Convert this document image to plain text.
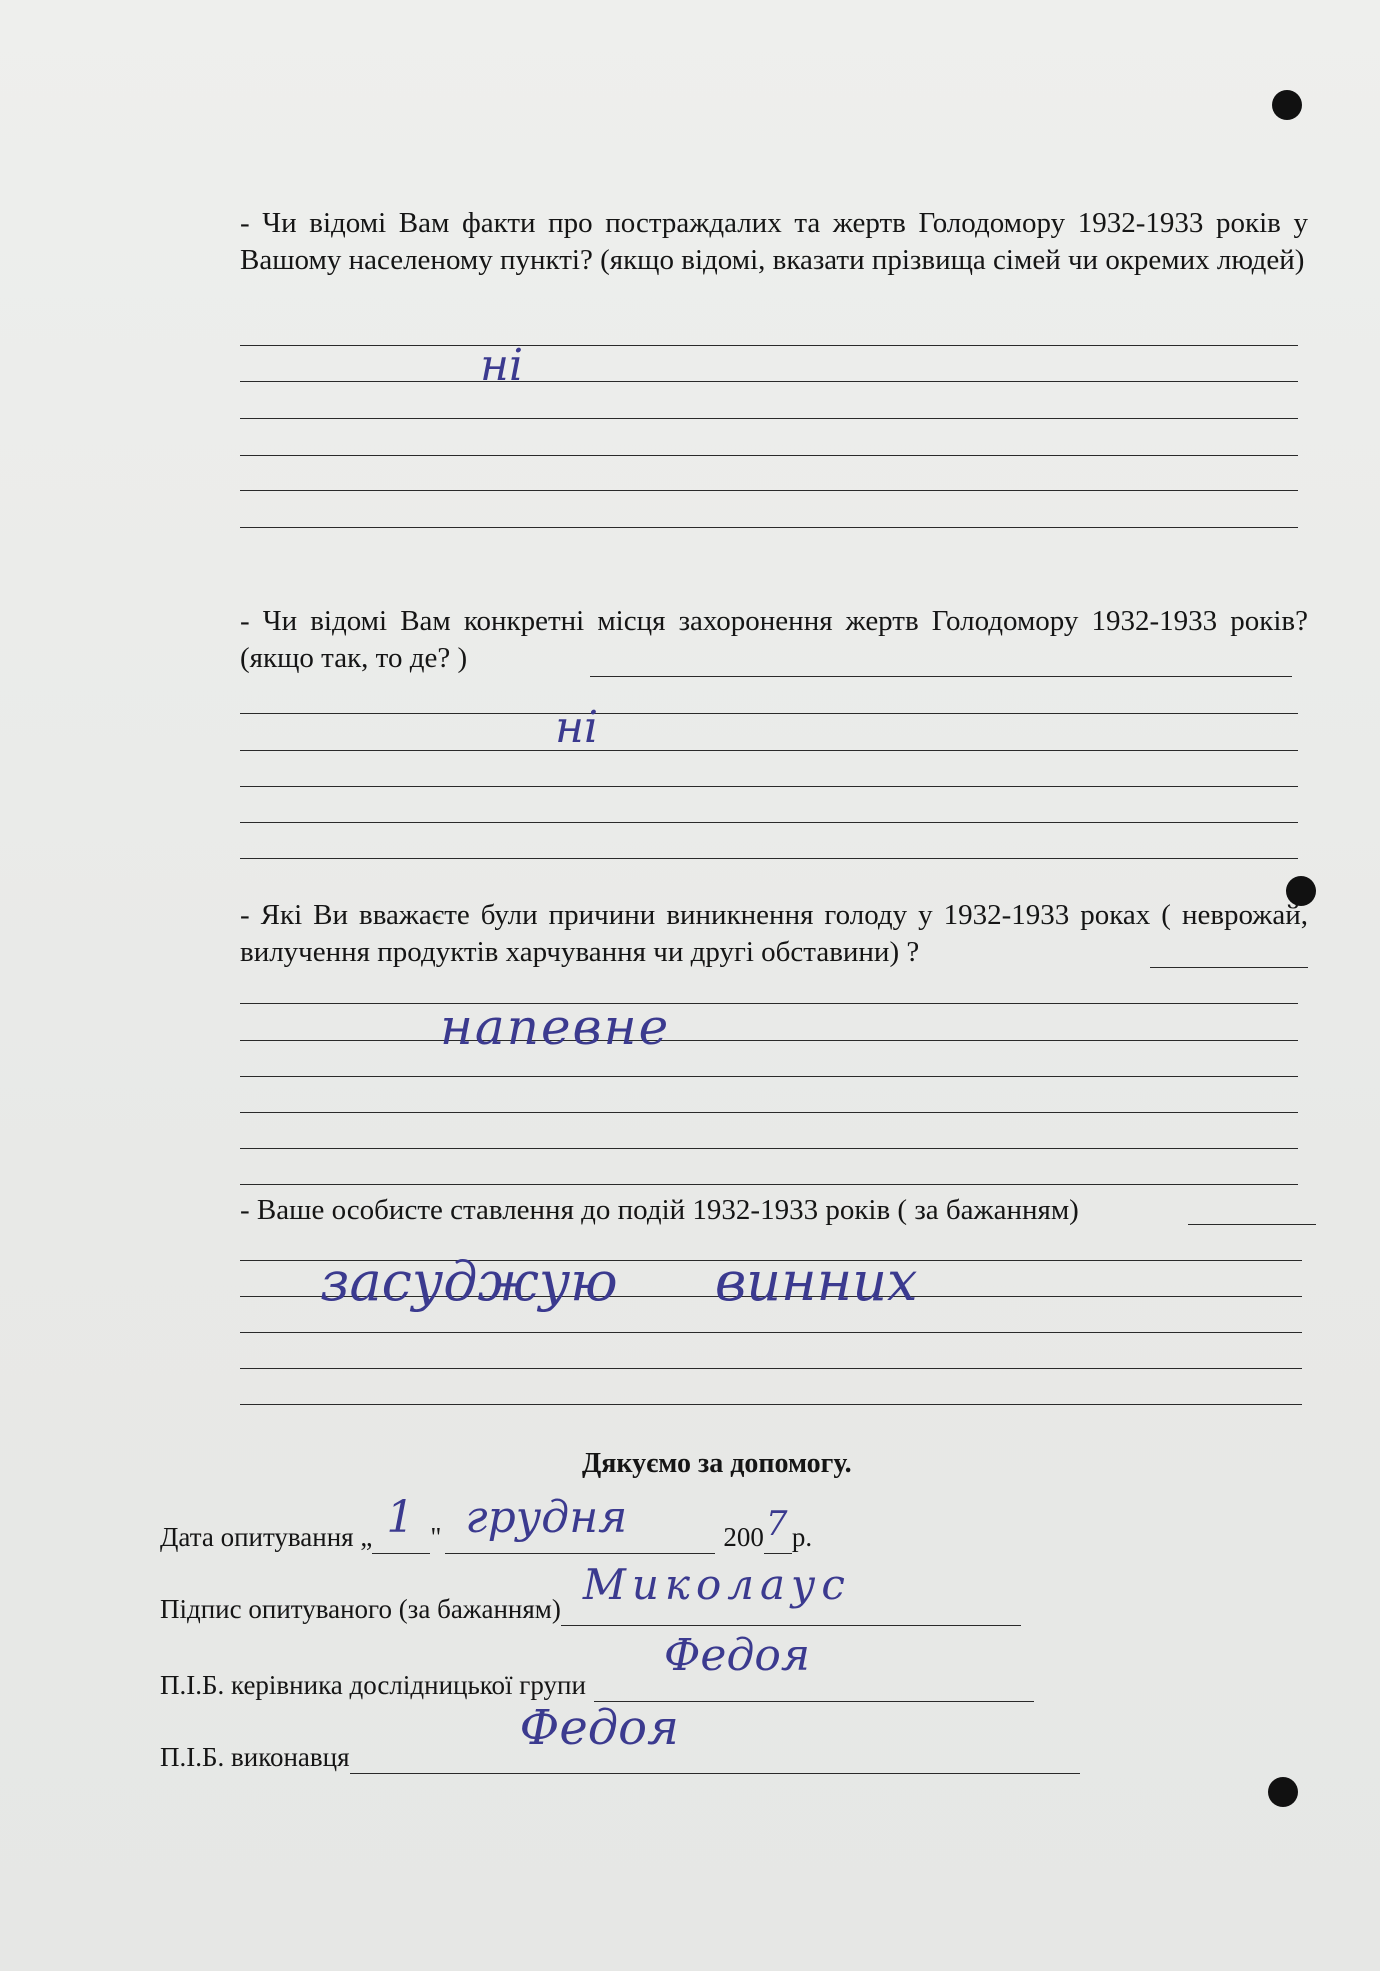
- Чи відомі Вам факти про постраждалих та жертв Голодомору 1932-1933 років у Вашому населеному пункті? (якщо відомі, вказати прізвища сімей чи окремих людей)
ні
- Чи відомі Вам конкретні місця захоронення жертв Голодомору 1932-1933 років? (якщо так, то де? )
ні
- Які Ви вважаєте були причини виникнення голоду у 1932-1933 роках ( неврожай, вилучення продуктів харчування чи другі обставини) ?
напевне
- Ваше особисте ставлення до подій 1932-1933 років ( за бажанням)
засуджую винних
Дякуємо за допомогу.
Дата опитування „ 1 " грудня	200 7 р.
Підпис опитуваного (за бажанням) Миколаус

П.І.Б. керівника дослідницької групи
Федоя

П.І.Б. виконавця
Федоя
